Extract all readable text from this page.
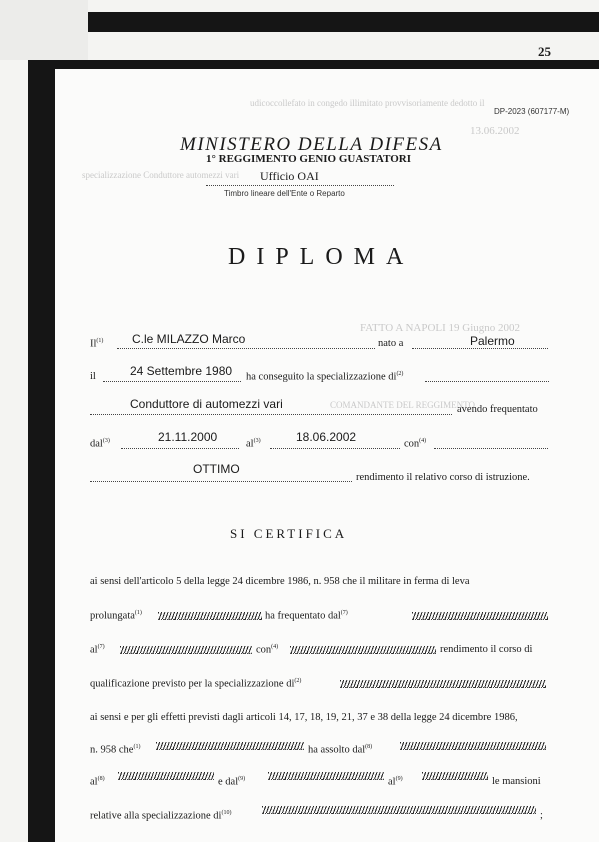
25
DP-2023 (607177-M)
udicoccollefato in congedo illimitato provvisoriamente dedotto il
13.06.2002
specializzazione Conduttore automezzi vari
FATTO A NAPOLI 19 Giugno 2002
COMANDANTE DEL REGGIMENTO
MINISTERO DELLA DIFESA
1° REGGIMENTO GENIO GUASTATORI
Ufficio OAI
Timbro lineare dell'Ente o Reparto
DIPLOMA
Il$^{(1)}$ C.le MILAZZO Marco	nato a	Palermo
il	24 Settembre 1980 ha conseguito la specializzazione $di^{(2)}$
Conduttore di automezzi vari	avendo frequentato
dal$^{(3)}$	21.11.2000	$al^{(3)}$	18.06.2002	con$^{(4)}$
OTTIMO
rendimento il relativo corso di istruzione.
SI CERTIFICA
ai sensi dell'articolo 5 della legge 24 dicembre 1986, n. 958 che il militare in ferma di leva
prolungata$^{(1)}$	ha frequentato dal$^{(7)}$
$al^{(7)}$	con$^{(4)}$	rendimento il corso di
qualificazione previsto per la specializzazione $di^{(2)}$
ai sensi e per gli effetti previsti dagli articoli 14, 17, 18, 19, 21, 37 e 38 della legge 24 dicembre 1986,
n. 958 che$^{(1)}$	ha assolto dal$^{(8)}$
$al^{(8)}$	e dal$^{(9)}$	$al^{(9)}$	le mansioni
relative alla specializzazione $di^{(10)}$	;
